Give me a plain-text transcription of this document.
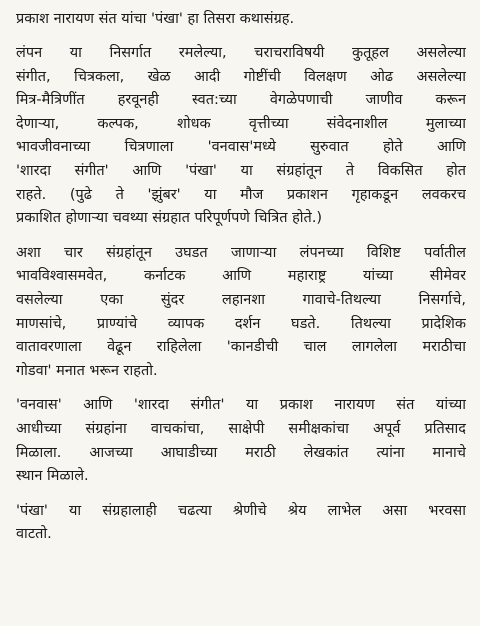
प्रकाश नारायण संत यांचा 'पंखा' हा तिसरा कथासंग्रह.
लंपन या निसर्गात रमलेल्या, चराचराविषयी कुतूहल असलेल्या
संगीत, चित्रकला, खेळ आदी गोष्टींची विलक्षण ओढ असलेल्या
मित्र-मैत्रिणींत हरवूनही स्वत:च्या वेगळेपणाची जाणीव करून
देणाऱ्या, कल्पक, शोधक वृत्तीच्या संवेदनाशील मुलाच्या
भावजीवनाच्या चित्रणाला 'वनवास'मध्ये सुरुवात होते आणि
'शारदा संगीत' आणि 'पंखा' या संग्रहांतून ते विकसित होत
राहते. (पुढे ते 'झुंबर' या मौज प्रकाशन गृहाकडून लवकरच
प्रकाशित होणाऱ्या चवथ्या संग्रहात परिपूर्णपणे चित्रित होते.)
अशा चार संग्रहांतून उघडत जाणाऱ्या लंपनच्या विशिष्ट पर्वातील
भावविश्वासमवेत, कर्नाटक आणि महाराष्ट्र यांच्या सीमेवर
वसलेल्या एका सुंदर लहानशा गावाचे-तिथल्या निसर्गाचे,
माणसांचे, प्राण्यांचे व्यापक दर्शन घडते. तिथल्या प्रादेशिक
वातावरणाला वेढून राहिलेला 'कानडीची चाल लागलेला मराठीचा
गोडवा' मनात भरून राहतो.
'वनवास' आणि 'शारदा संगीत' या प्रकाश नारायण संत यांच्या
आधीच्या संग्रहांना वाचकांचा, साक्षेपी समीक्षकांचा अपूर्व प्रतिसाद
मिळाला. आजच्या आघाडीच्या मराठी लेखकांत त्यांना मानाचे
स्थान मिळाले.
'पंखा' या संग्रहालाही चढत्या श्रेणीचे श्रेय लाभेल असा भरवसा
वाटतो.
